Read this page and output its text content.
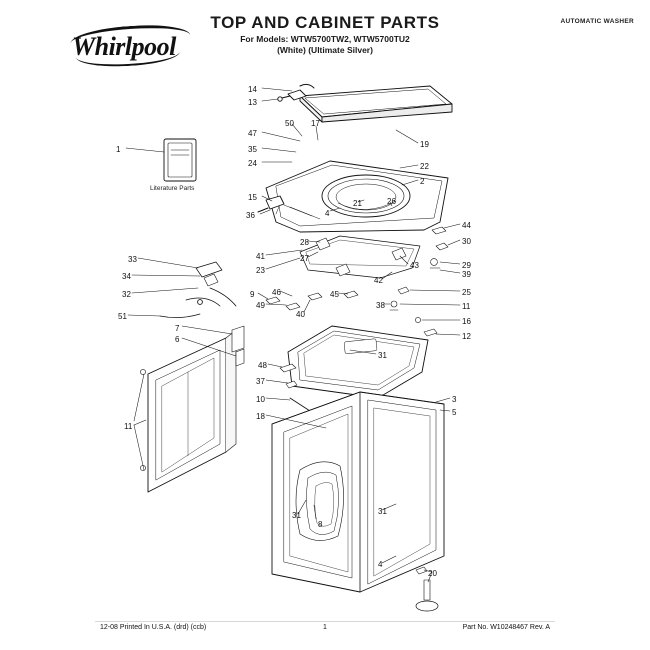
Whirlpool
TOP AND CABINET PARTS
For Models: WTW5700TW2, WTW5700TU2
(White) (Ultimate Silver)
AUTOMATIC WASHER
Literature Parts
1
14
13
47
50 17
35
24
19
22
2
15
36
21	26
4
44
30
28
41	27
29
23
43
39
42
46	45	25
33
34
32	9
49
40
38	11
16
51
7
6	12
31
48
37
3
5
10
18
11
8
31	31
4
20
12-08 Printed In U.S.A. (drd) (ccb)	1	Part No. W10248467 Rev. A
